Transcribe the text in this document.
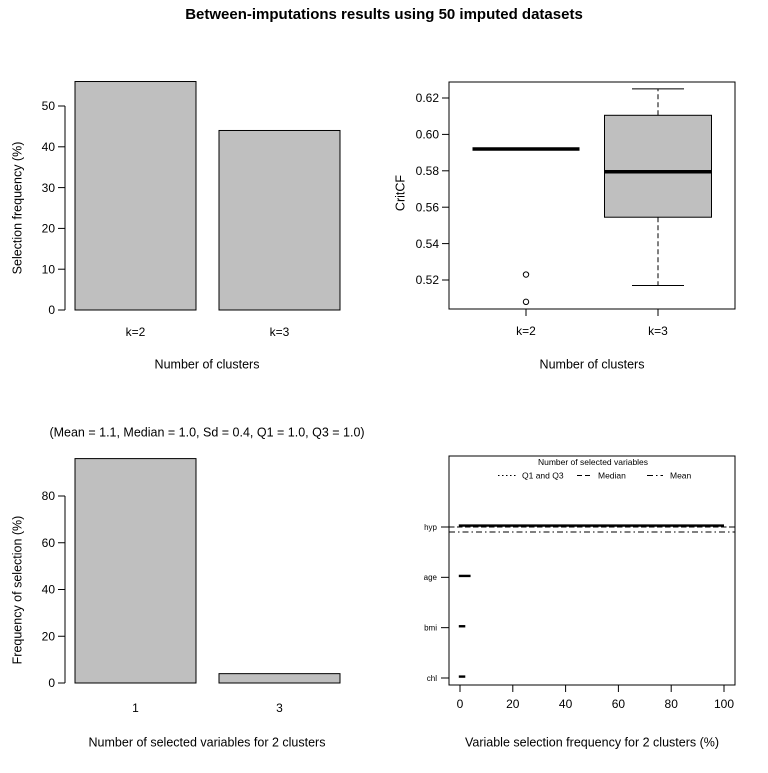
Between-imputations results using 50 imputed datasets
0
10
20
30
40
50
k=2	k=3
Number of clusters
Selection frequency (%)
0.52
0.54
0.56
0.58
0.60
0.62
k=2	k=3
Number of clusters
CritCF
0
20
40
60
80
1	3
Number of selected variables for 2 clusters
Frequency of selection (%)
(Mean = 1.1, Median = 1.0, Sd = 0.4, Q1 = 1.0, Q3 = 1.0)
hyp
age
bmi
chl
0	20	40	60	80	100
Number of selected variables
Q1 and Q3	Median	Mean
Variable selection frequency for 2 clusters (%)
